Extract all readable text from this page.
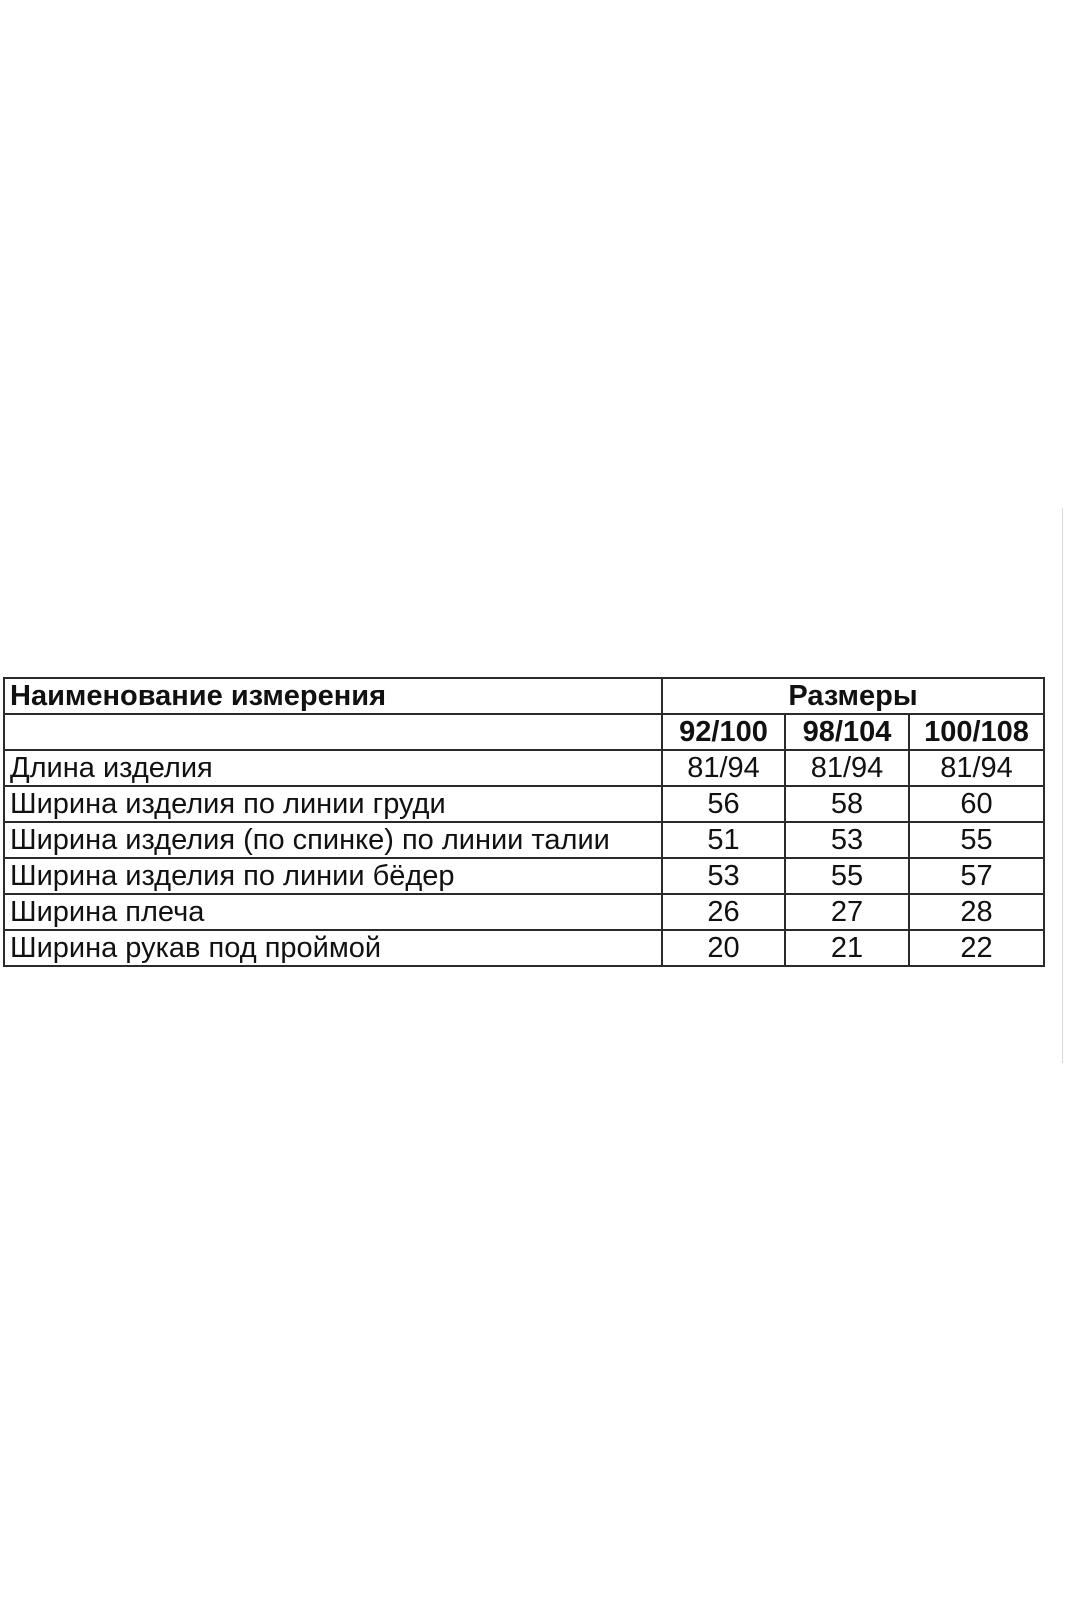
Наименование измерения	Размеры		
	92/100	98/104	100/108
Длина изделия	81/94	81/94	81/94
Ширина изделия по линии груди	56	58	60
Ширина изделия (по спинке) по линии талии	51	53	55
Ширина изделия по линии бёдер	53	55	57
Ширина плеча	26	27	28
Ширина рукав под проймой	20	21	22
